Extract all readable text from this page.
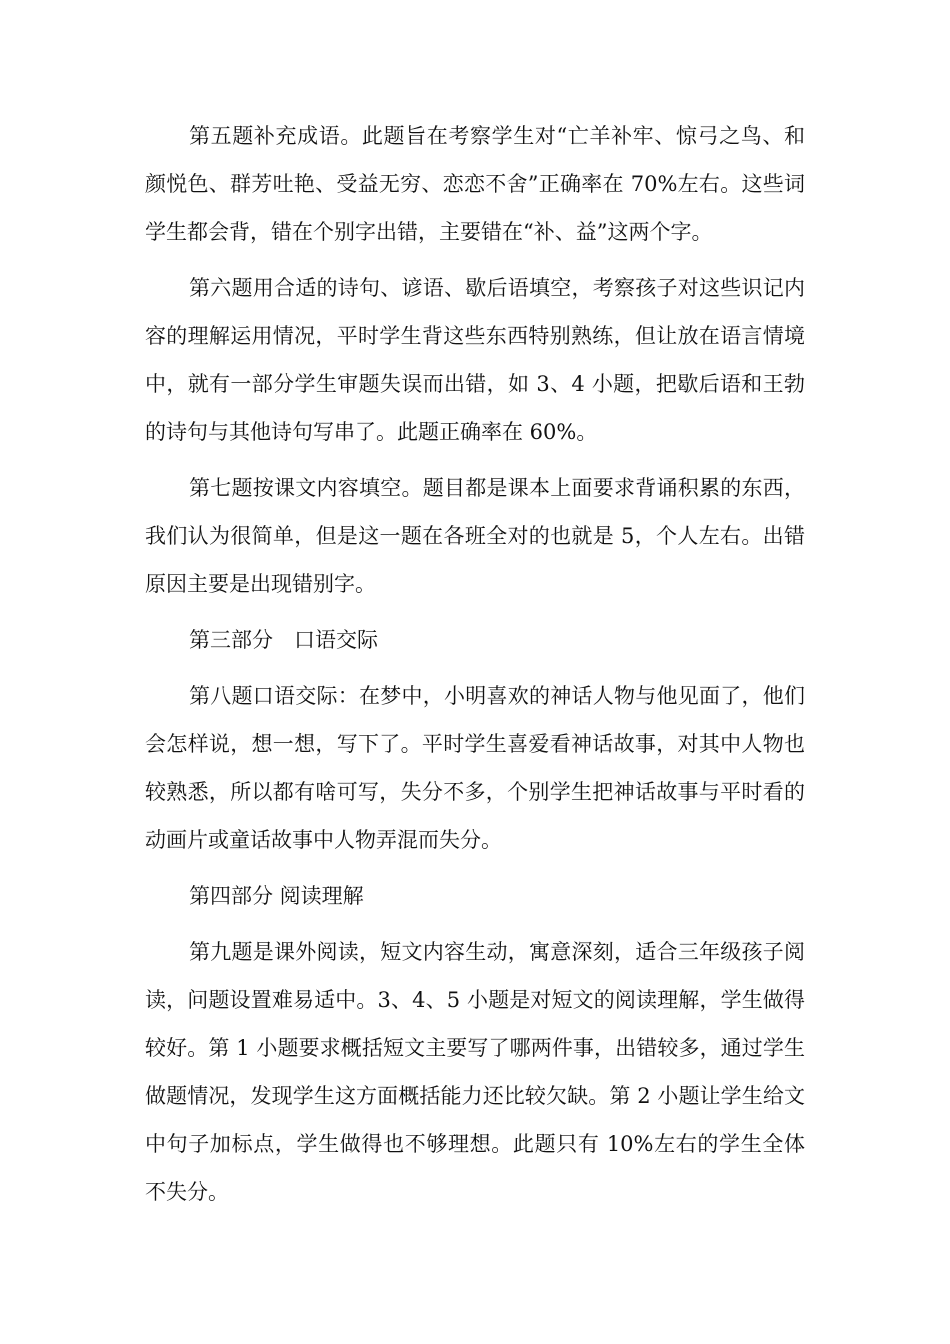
第五题补充成语。此题旨在考察学生对“亡羊补牢、惊弓之鸟、和颜悦色、群芳吐艳、受益无穷、恋恋不舍”正确率在 70%左右。这些词学生都会背，错在个别字出错，主要错在“补、益”这两个字。

第六题用合适的诗句、谚语、歇后语填空，考察孩子对这些识记内容的理解运用情况，平时学生背这些东西特别熟练，但让放在语言情境中，就有一部分学生审题失误而出错，如 3、4 小题，把歇后语和王勃的诗句与其他诗句写串了。此题正确率在 60%。

第七题按课文内容填空。题目都是课本上面要求背诵积累的东西，我们认为很简单，但是这一题在各班全对的也就是 5，个人左右。出错原因主要是出现错别字。

第三部分　口语交际

第八题口语交际：在梦中，小明喜欢的神话人物与他见面了，他们会怎样说，想一想，写下了。平时学生喜爱看神话故事，对其中人物也较熟悉，所以都有啥可写，失分不多，个别学生把神话故事与平时看的动画片或童话故事中人物弄混而失分。

第四部分 阅读理解

第九题是课外阅读，短文内容生动，寓意深刻，适合三年级孩子阅读，问题设置难易适中。3、4、5 小题是对短文的阅读理解，学生做得较好。第 1 小题要求概括短文主要写了哪两件事，出错较多，通过学生做题情况，发现学生这方面概括能力还比较欠缺。第 2 小题让学生给文中句子加标点，学生做得也不够理想。此题只有 10%左右的学生全体不失分。
